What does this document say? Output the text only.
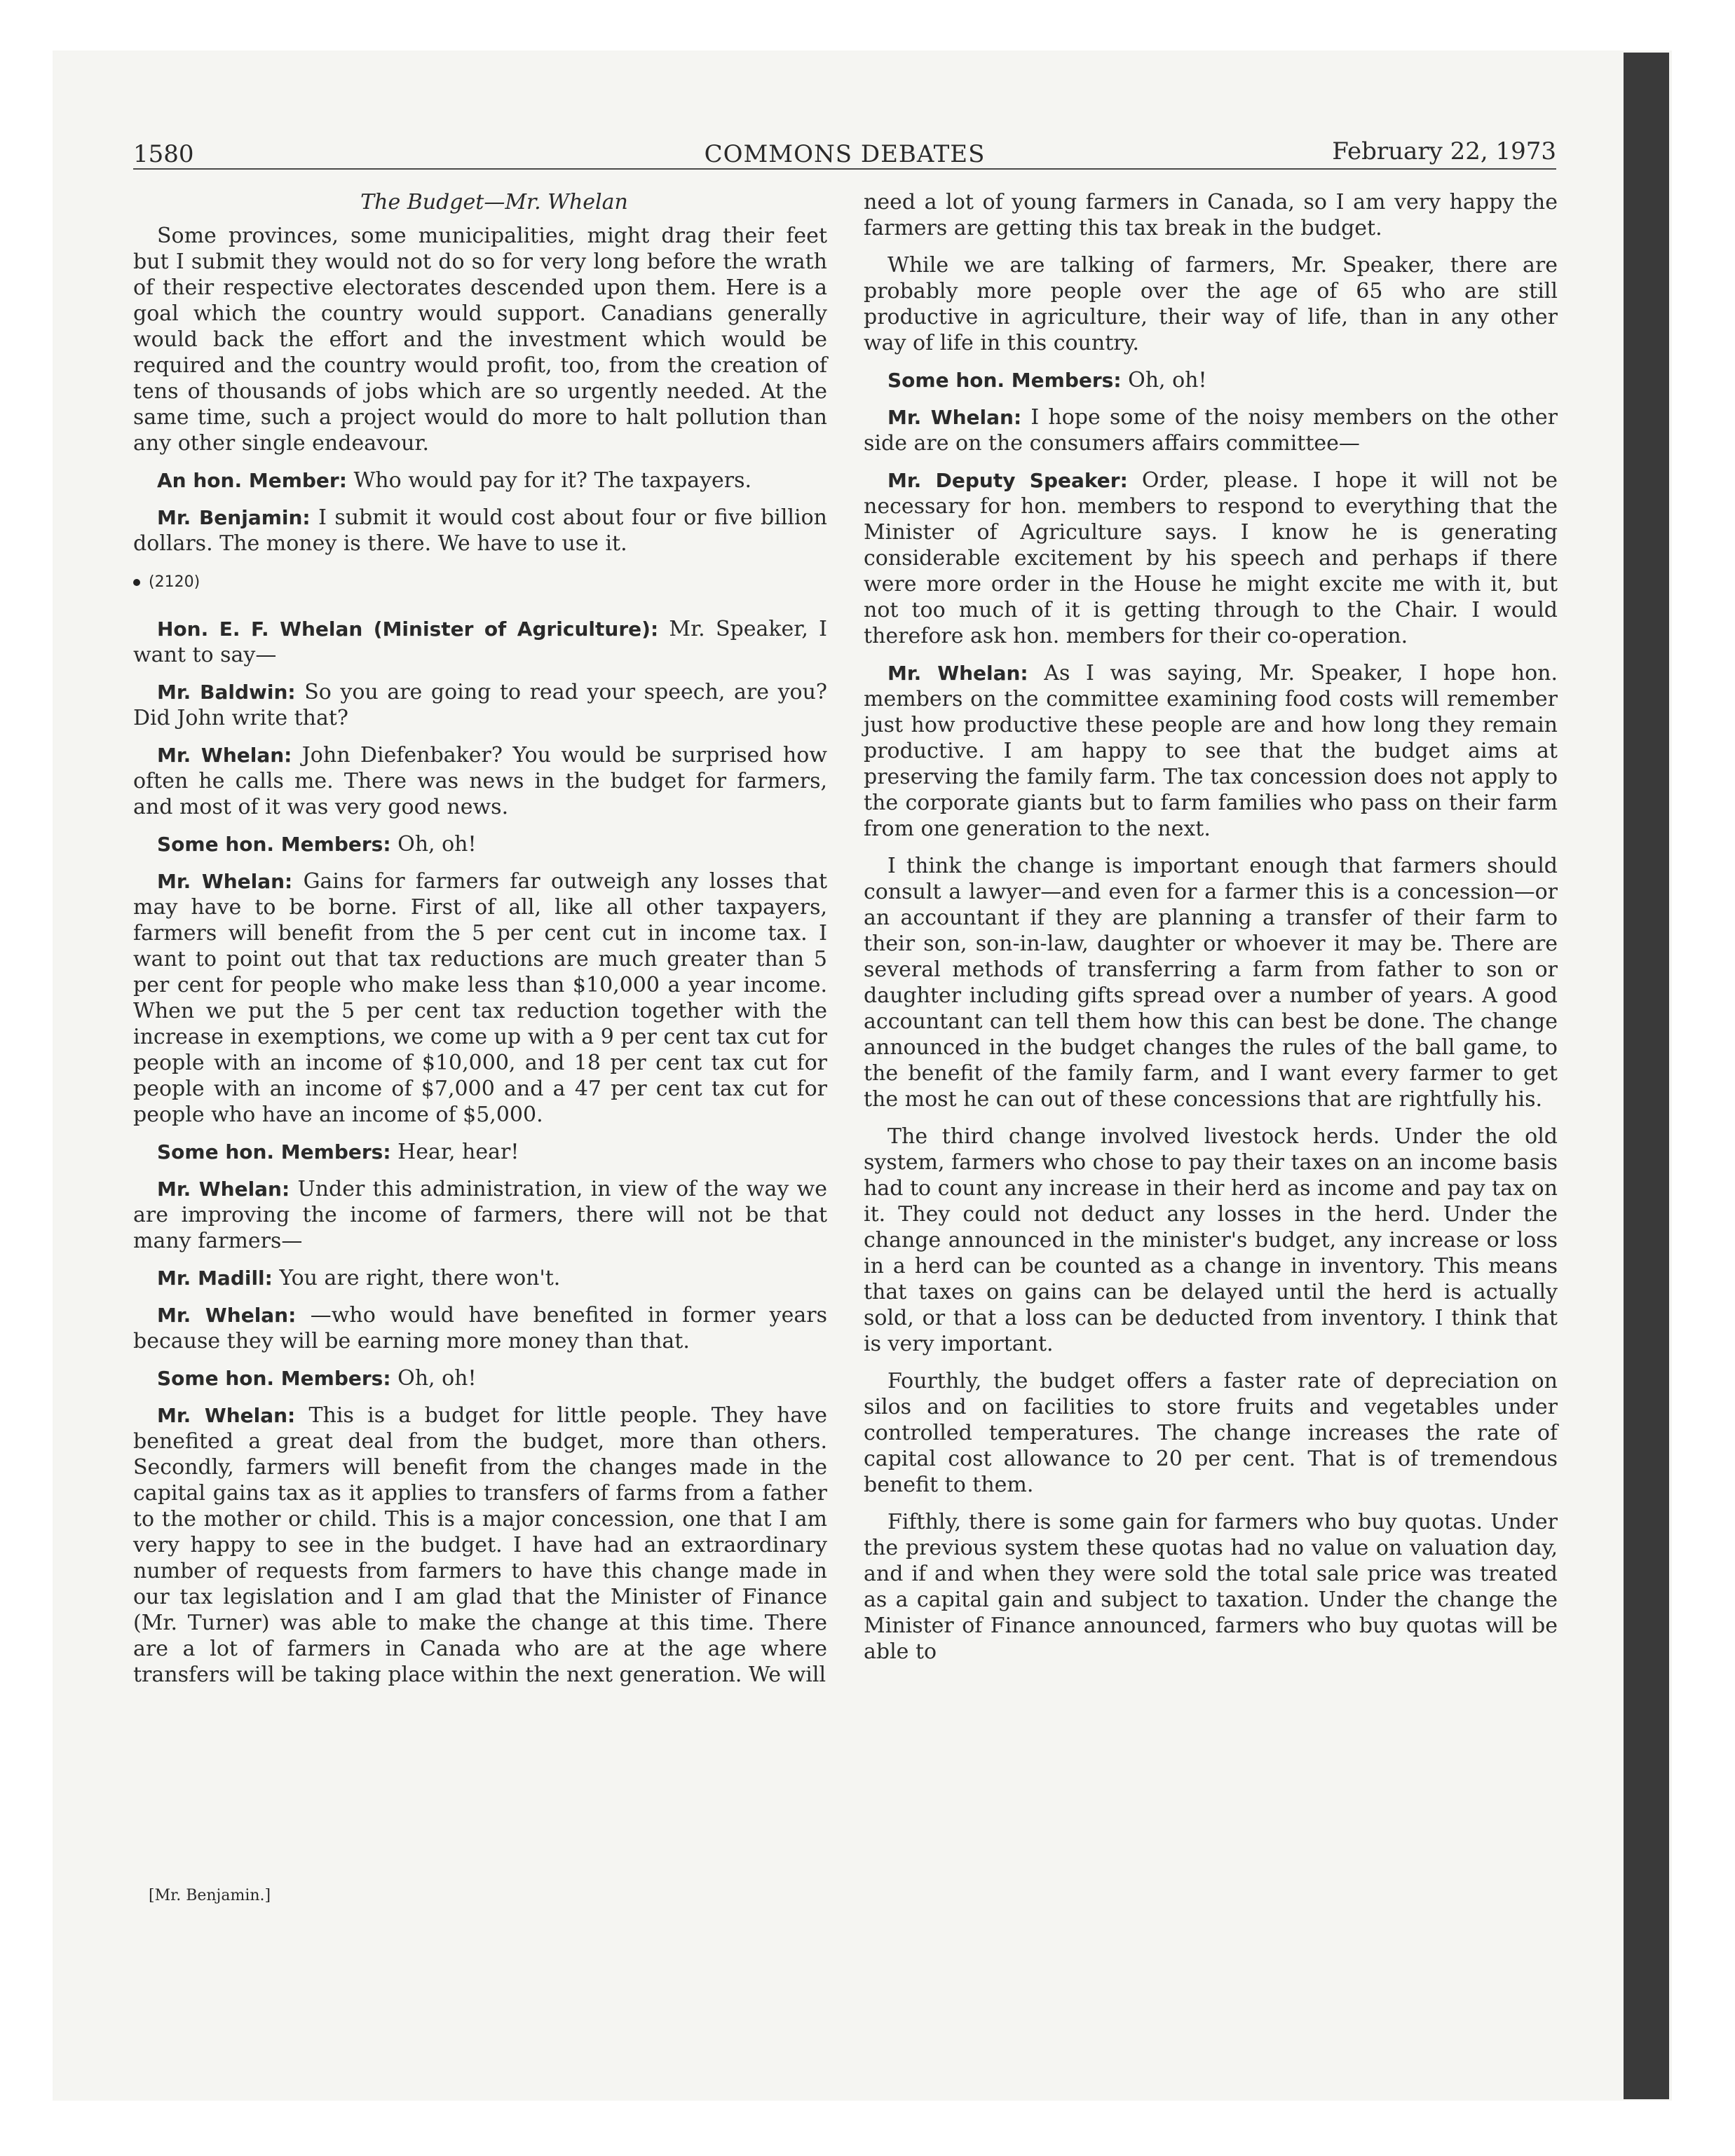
1580	COMMONS DEBATES	February 22, 1973
The Budget—Mr. Whelan

Some provinces, some municipalities, might drag their feet but I submit they would not do so for very long before the wrath of their respective electorates descended upon them. Here is a goal which the country would support. Canadians generally would back the effort and the investment which would be required and the country would profit, too, from the creation of tens of thousands of jobs which are so urgently needed. At the same time, such a project would do more to halt pollution than any other single endeavour.

An hon. Member: Who would pay for it? The taxpayers.

Mr. Benjamin: I submit it would cost about four or five billion dollars. The money is there. We have to use it.

(2120)

Hon. E. F. Whelan (Minister of Agriculture): Mr. Speaker, I want to say—

Mr. Baldwin: So you are going to read your speech, are you? Did John write that?

Mr. Whelan: John Diefenbaker? You would be surprised how often he calls me. There was news in the budget for farmers, and most of it was very good news.

Some hon. Members: Oh, oh!

Mr. Whelan: Gains for farmers far outweigh any losses that may have to be borne. First of all, like all other taxpayers, farmers will benefit from the 5 per cent cut in income tax. I want to point out that tax reductions are much greater than 5 per cent for people who make less than $10,000 a year income. When we put the 5 per cent tax reduction together with the increase in exemptions, we come up with a 9 per cent tax cut for people with an income of $10,000, and 18 per cent tax cut for people with an income of $7,000 and a 47 per cent tax cut for people who have an income of $5,000.

Some hon. Members: Hear, hear!

Mr. Whelan: Under this administration, in view of the way we are improving the income of farmers, there will not be that many farmers—

Mr. Madill: You are right, there won't.

Mr. Whelan: —who would have benefited in former years because they will be earning more money than that.

Some hon. Members: Oh, oh!

Mr. Whelan: This is a budget for little people. They have benefited a great deal from the budget, more than others. Secondly, farmers will benefit from the changes made in the capital gains tax as it applies to transfers of farms from a father to the mother or child. This is a major concession, one that I am very happy to see in the budget. I have had an extraordinary number of requests from farmers to have this change made in our tax legislation and I am glad that the Minister of Finance (Mr. Turner) was able to make the change at this time. There are a lot of farmers in Canada who are at the age where transfers will be taking place within the next generation. We will

need a lot of young farmers in Canada, so I am very happy the farmers are getting this tax break in the budget.

While we are talking of farmers, Mr. Speaker, there are probably more people over the age of 65 who are still productive in agriculture, their way of life, than in any other way of life in this country.

Some hon. Members: Oh, oh!

Mr. Whelan: I hope some of the noisy members on the other side are on the consumers affairs committee—

Mr. Deputy Speaker: Order, please. I hope it will not be necessary for hon. members to respond to everything that the Minister of Agriculture says. I know he is generating considerable excitement by his speech and perhaps if there were more order in the House he might excite me with it, but not too much of it is getting through to the Chair. I would therefore ask hon. members for their co-operation.

Mr. Whelan: As I was saying, Mr. Speaker, I hope hon. members on the committee examining food costs will remember just how productive these people are and how long they remain productive. I am happy to see that the budget aims at preserving the family farm. The tax concession does not apply to the corporate giants but to farm families who pass on their farm from one generation to the next.

I think the change is important enough that farmers should consult a lawyer—and even for a farmer this is a concession—or an accountant if they are planning a transfer of their farm to their son, son-in-law, daughter or whoever it may be. There are several methods of transferring a farm from father to son or daughter including gifts spread over a number of years. A good accountant can tell them how this can best be done. The change announced in the budget changes the rules of the ball game, to the benefit of the family farm, and I want every farmer to get the most he can out of these concessions that are rightfully his.

The third change involved livestock herds. Under the old system, farmers who chose to pay their taxes on an income basis had to count any increase in their herd as income and pay tax on it. They could not deduct any losses in the herd. Under the change announced in the minister's budget, any increase or loss in a herd can be counted as a change in inventory. This means that taxes on gains can be delayed until the herd is actually sold, or that a loss can be deducted from inventory. I think that is very important.

Fourthly, the budget offers a faster rate of depreciation on silos and on facilities to store fruits and vegetables under controlled temperatures. The change increases the rate of capital cost allowance to 20 per cent. That is of tremendous benefit to them.

Fifthly, there is some gain for farmers who buy quotas. Under the previous system these quotas had no value on valuation day, and if and when they were sold the total sale price was treated as a capital gain and subject to taxation. Under the change the Minister of Finance announced, farmers who buy quotas will be able to

[Mr. Benjamin.]
